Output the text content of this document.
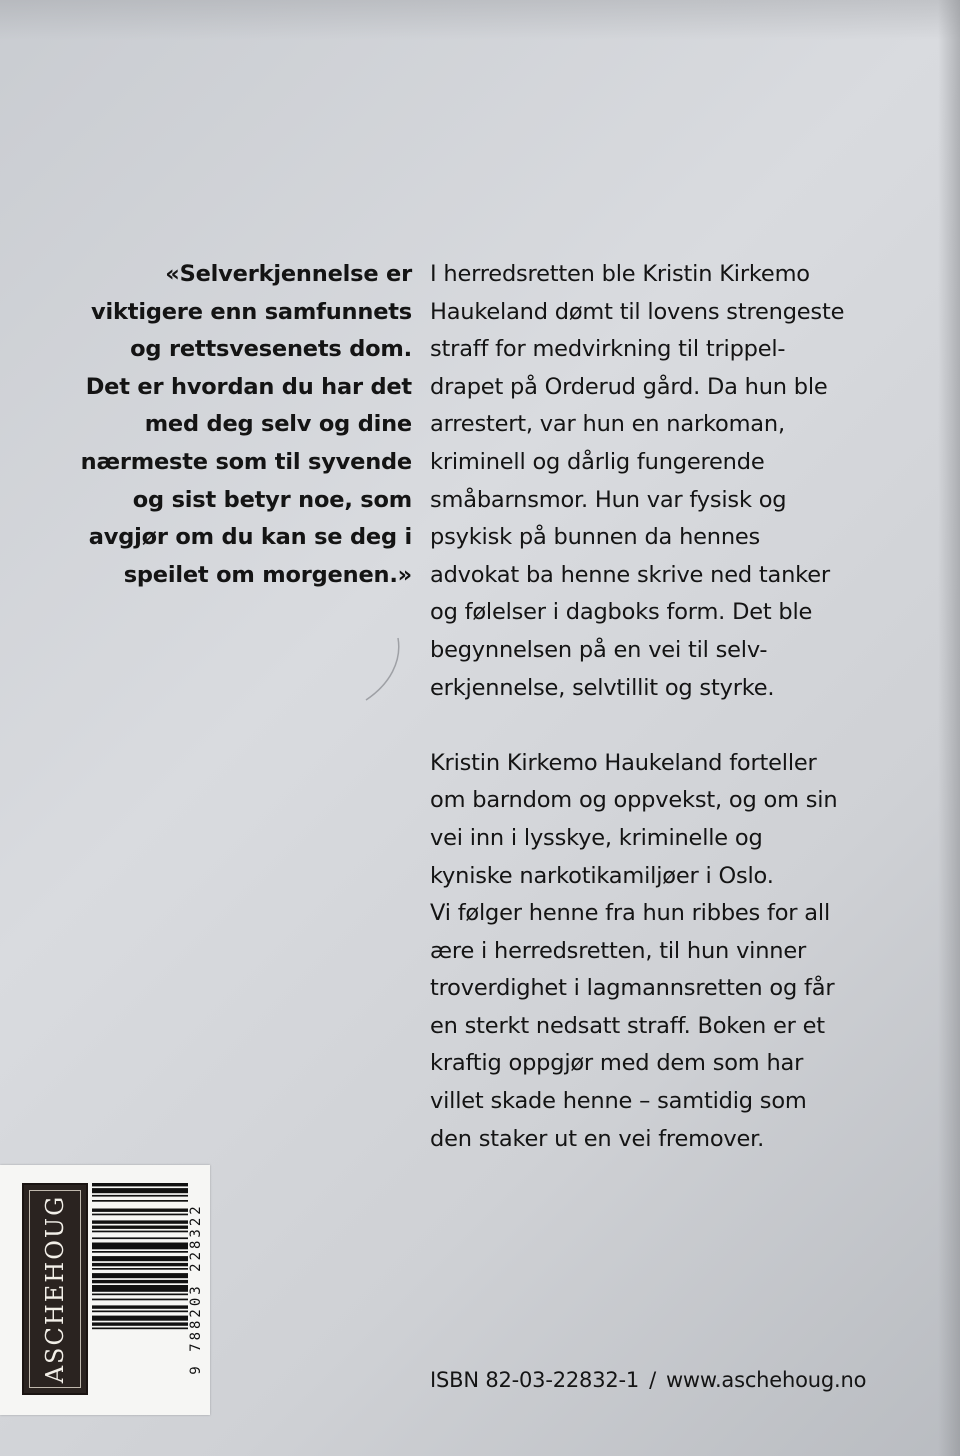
«Selverkjennelse er
viktigere enn samfunnets
og rettsvesenets dom.
Det er hvordan du har det
med deg selv og dine
nærmeste som til syvende
og sist betyr noe, som
avgjør om du kan se deg i
speilet om morgenen.»
I herredsretten ble Kristin Kirkemo
Haukeland dømt til lovens strengeste
straff for medvirkning til trippel-
drapet på Orderud gård. Da hun ble
arrestert, var hun en narkoman,
kriminell og dårlig fungerende
småbarnsmor. Hun var fysisk og
psykisk på bunnen da hennes
advokat ba henne skrive ned tanker
og følelser i dagboks form. Det ble
begynnelsen på en vei til selv-
erkjennelse, selvtillit og styrke.
Kristin Kirkemo Haukeland forteller
om barndom og oppvekst, og om sin
vei inn i lysskye, kriminelle og
kyniske narkotikamiljøer i Oslo.
Vi følger henne fra hun ribbes for all
ære i herredsretten, til hun vinner
troverdighet i lagmannsretten og får
en sterkt nedsatt straff. Boken er et
kraftig oppgjør med dem som har
villet skade henne – samtidig som
den staker ut en vei fremover.
ASCHEHOUG	9 788203 228322
ISBN 82-03-22832-1 / www.aschehoug.no
